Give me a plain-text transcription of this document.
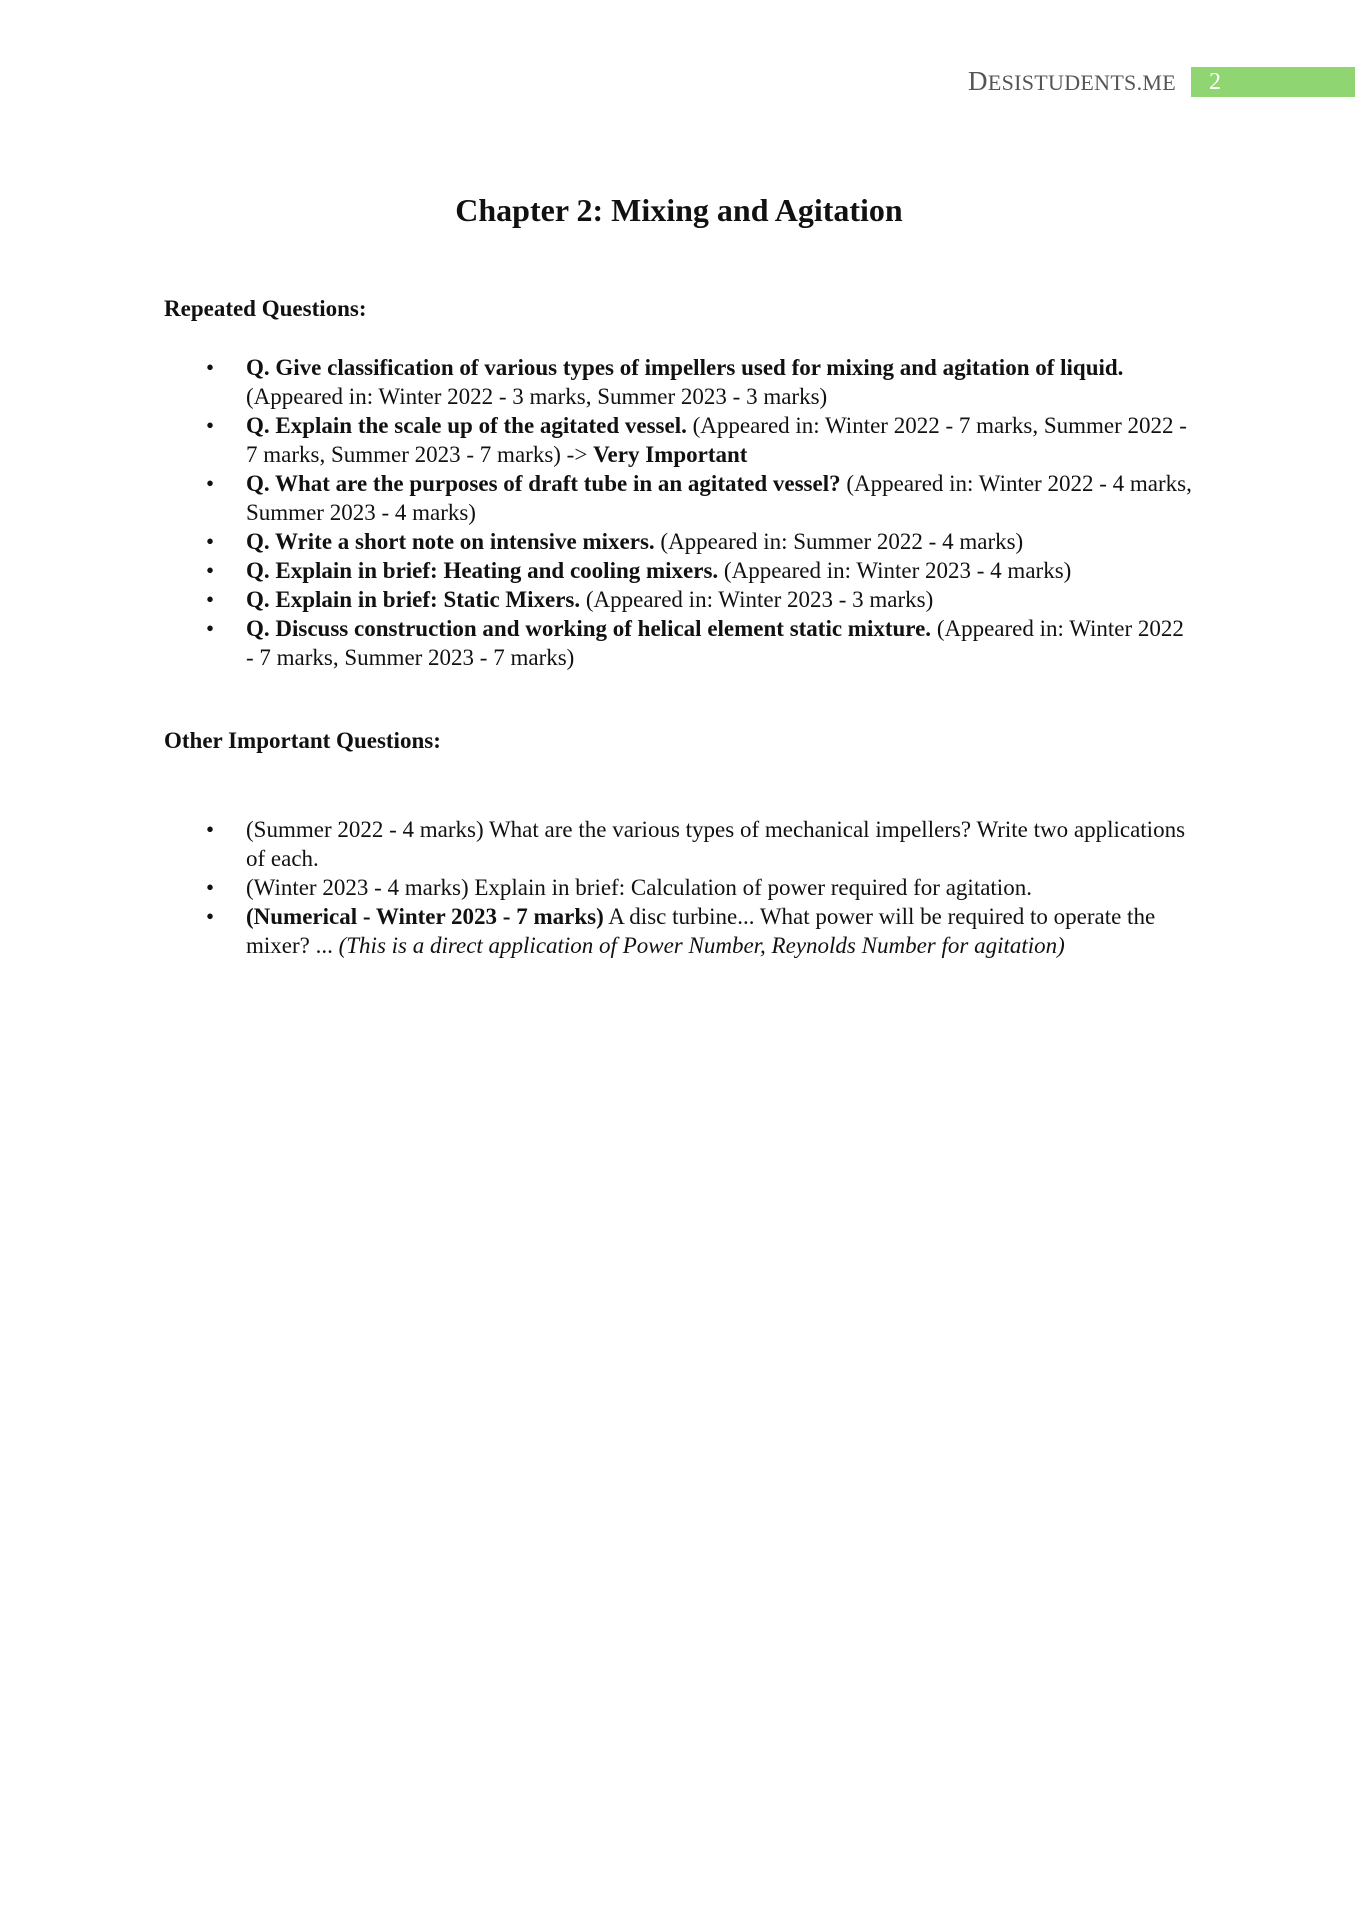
DESISTUDENTS.ME	2
Chapter 2: Mixing and Agitation
Repeated Questions:
• Q. Give classification of various types of impellers used for mixing and agitation of liquid. (Appeared in: Winter 2022 - 3 marks, Summer 2023 - 3 marks)
• Q. Explain the scale up of the agitated vessel. (Appeared in: Winter 2022 - 7 marks, Summer 2022 - 7 marks, Summer 2023 - 7 marks) -> Very Important
• Q. What are the purposes of draft tube in an agitated vessel? (Appeared in: Winter 2022 - 4 marks, Summer 2023 - 4 marks)
• Q. Write a short note on intensive mixers. (Appeared in: Summer 2022 - 4 marks)
• Q. Explain in brief: Heating and cooling mixers. (Appeared in: Winter 2023 - 4 marks)
• Q. Explain in brief: Static Mixers. (Appeared in: Winter 2023 - 3 marks)
• Q. Discuss construction and working of helical element static mixture. (Appeared in: Winter 2022 - 7 marks, Summer 2023 - 7 marks)
Other Important Questions:
• (Summer 2022 - 4 marks) What are the various types of mechanical impellers? Write two applications of each.
• (Winter 2023 - 4 marks) Explain in brief: Calculation of power required for agitation.
• (Numerical - Winter 2023 - 7 marks) A disc turbine... What power will be required to operate the mixer? ... (This is a direct application of Power Number, Reynolds Number for agitation)
